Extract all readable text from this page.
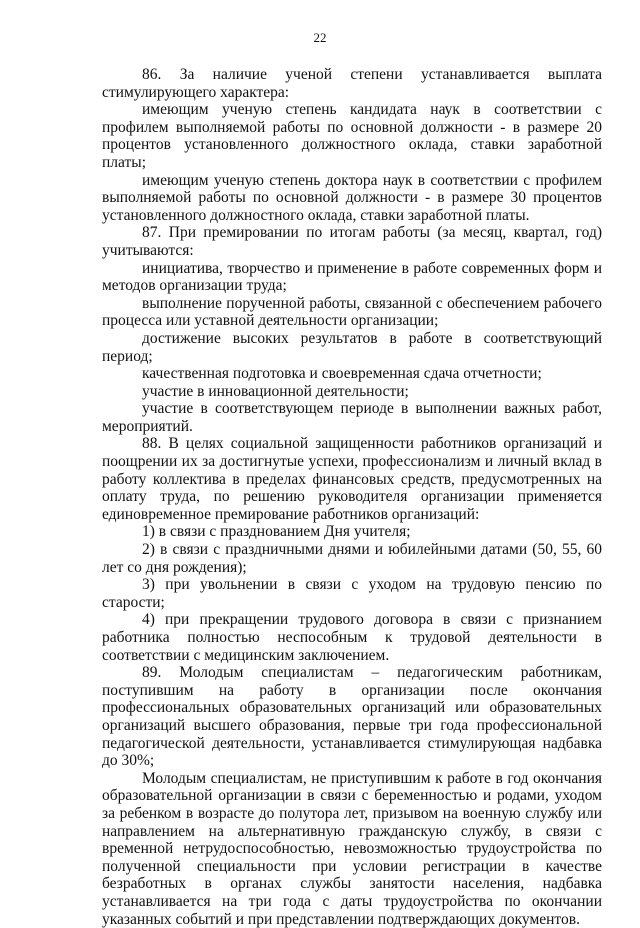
22

86. За наличие ученой степени устанавливается выплата стимулирующего характера:

имеющим ученую степень кандидата наук в соответствии с профилем выполняемой работы по основной должности - в размере 20 процентов установленного должностного оклада, ставки заработной платы;

имеющим ученую степень доктора наук в соответствии с профилем выполняемой работы по основной должности - в размере 30 процентов установленного должностного оклада, ставки заработной платы.

87. При премировании по итогам работы (за месяц, квартал, год) учитываются:

инициатива, творчество и применение в работе современных форм и методов организации труда;

выполнение порученной работы, связанной с обеспечением рабочего процесса или уставной деятельности организации;

достижение высоких результатов в работе в соответствующий период;

качественная подготовка и своевременная сдача отчетности;

участие в инновационной деятельности;

участие в соответствующем периоде в выполнении важных работ, мероприятий.

88. В целях социальной защищенности работников организаций и поощрении их за достигнутые успехи, профессионализм и личный вклад в работу коллектива в пределах финансовых средств, предусмотренных на оплату труда, по решению руководителя организации применяется единовременное премирование работников организаций:

1) в связи с празднованием Дня учителя;

2) в связи с праздничными днями и юбилейными датами (50, 55, 60 лет со дня рождения);

3) при увольнении в связи с уходом на трудовую пенсию по старости;

4) при прекращении трудового договора в связи с признанием работника полностью неспособным к трудовой деятельности в соответствии с медицинским заключением.

89. Молодым специалистам – педагогическим работникам, поступившим на работу в организации после окончания профессиональных образовательных организаций или образовательных организаций высшего образования, первые три года профессиональной педагогической деятельности, устанавливается стимулирующая надбавка до 30%;

Молодым специалистам, не приступившим к работе в год окончания образовательной организации в связи с беременностью и родами, уходом за ребенком в возрасте до полутора лет, призывом на военную службу или направлением на альтернативную гражданскую службу, в связи с временной нетрудоспособностью, невозможностью трудоустройства по полученной специальности при условии регистрации в качестве безработных в органах службы занятости населения, надбавка устанавливается на три года с даты трудоустройства по окончании указанных событий и при представлении подтверждающих документов.
